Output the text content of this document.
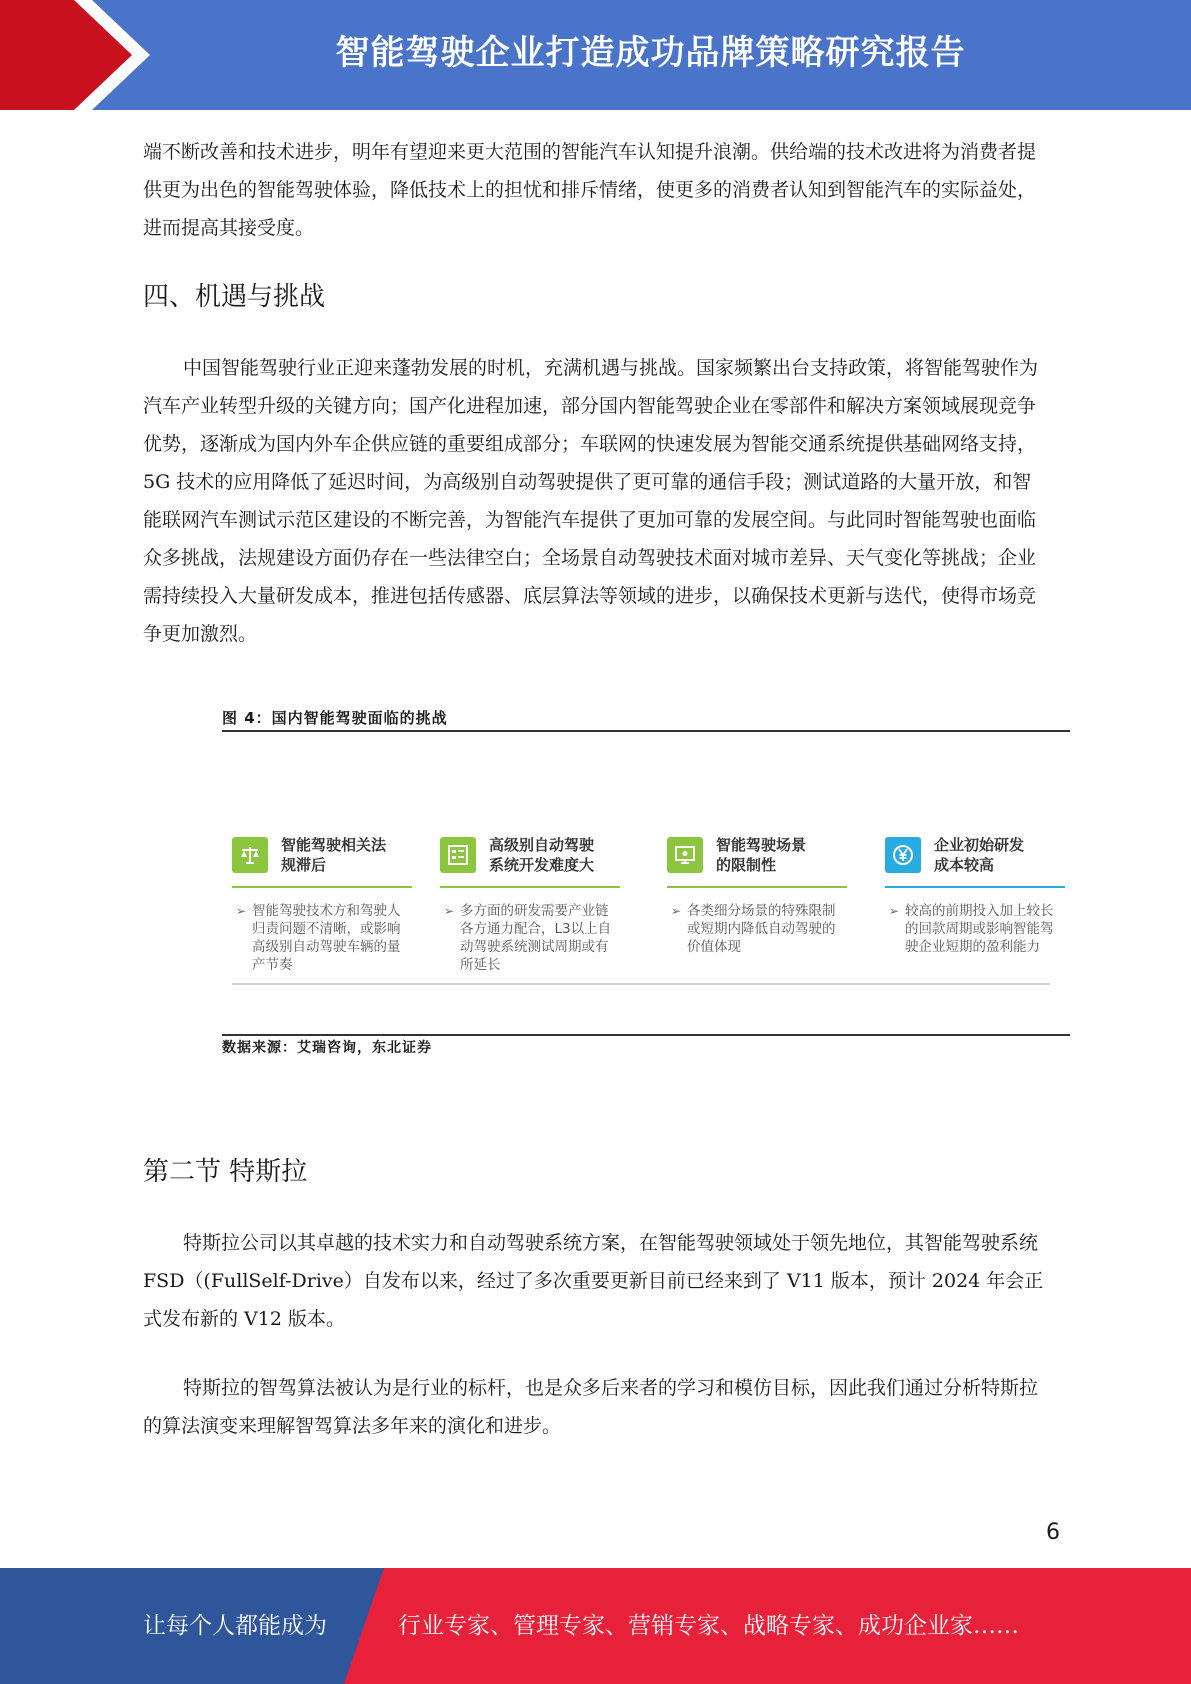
智能驾驶企业打造成功品牌策略研究报告

端不断改善和技术进步，明年有望迎来更大范围的智能汽车认知提升浪潮。供给端的技术改进将为消费者提供更为出色的智能驾驶体验，降低技术上的担忧和排斥情绪，使更多的消费者认知到智能汽车的实际益处，进而提高其接受度。

四、机遇与挑战

中国智能驾驶行业正迎来蓬勃发展的时机，充满机遇与挑战。国家频繁出台支持政策，将智能驾驶作为汽车产业转型升级的关键方向；国产化进程加速，部分国内智能驾驶企业在零部件和解决方案领域展现竞争优势，逐渐成为国内外车企供应链的重要组成部分；车联网的快速发展为智能交通系统提供基础网络支持，5G 技术的应用降低了延迟时间，为高级别自动驾驶提供了更可靠的通信手段；测试道路的大量开放，和智能联网汽车测试示范区建设的不断完善，为智能汽车提供了更加可靠的发展空间。与此同时智能驾驶也面临众多挑战，法规建设方面仍存在一些法律空白；全场景自动驾驶技术面对城市差异、天气变化等挑战；企业需持续投入大量研发成本，推进包括传感器、底层算法等领域的进步，以确保技术更新与迭代，使得市场竞争更加激烈。

图 4：国内智能驾驶面临的挑战
智能驾驶相关法
规滞后
➢ 智能驾驶技术方和驾驶人归责问题不清晰，或影响高级别自动驾驶车辆的量产节奏
高级别自动驾驶
系统开发难度大
➢ 多方面的研发需要产业链各方通力配合，L3以上自动驾驶系统测试周期或有所延长
智能驾驶场景
的限制性
➢ 各类细分场景的特殊限制或短期内降低自动驾驶的价值体现
企业初始研发
成本较高
➢ 较高的前期投入加上较长的回款周期或影响智能驾驶企业短期的盈利能力
数据来源：艾瑞咨询，东北证券
第二节 特斯拉

特斯拉公司以其卓越的技术实力和自动驾驶系统方案，在智能驾驶领域处于领先地位，其智能驾驶系统 FSD（(FullSelf-Drive）自发布以来，经过了多次重要更新目前已经来到了 V11 版本，预计 2024 年会正式发布新的 V12 版本。

特斯拉的智驾算法被认为是行业的标杆，也是众多后来者的学习和模仿目标，因此我们通过分析特斯拉的算法演变来理解智驾算法多年来的演化和进步。

6
让每个人都能成为	行业专家、管理专家、营销专家、战略专家、成功企业家……
